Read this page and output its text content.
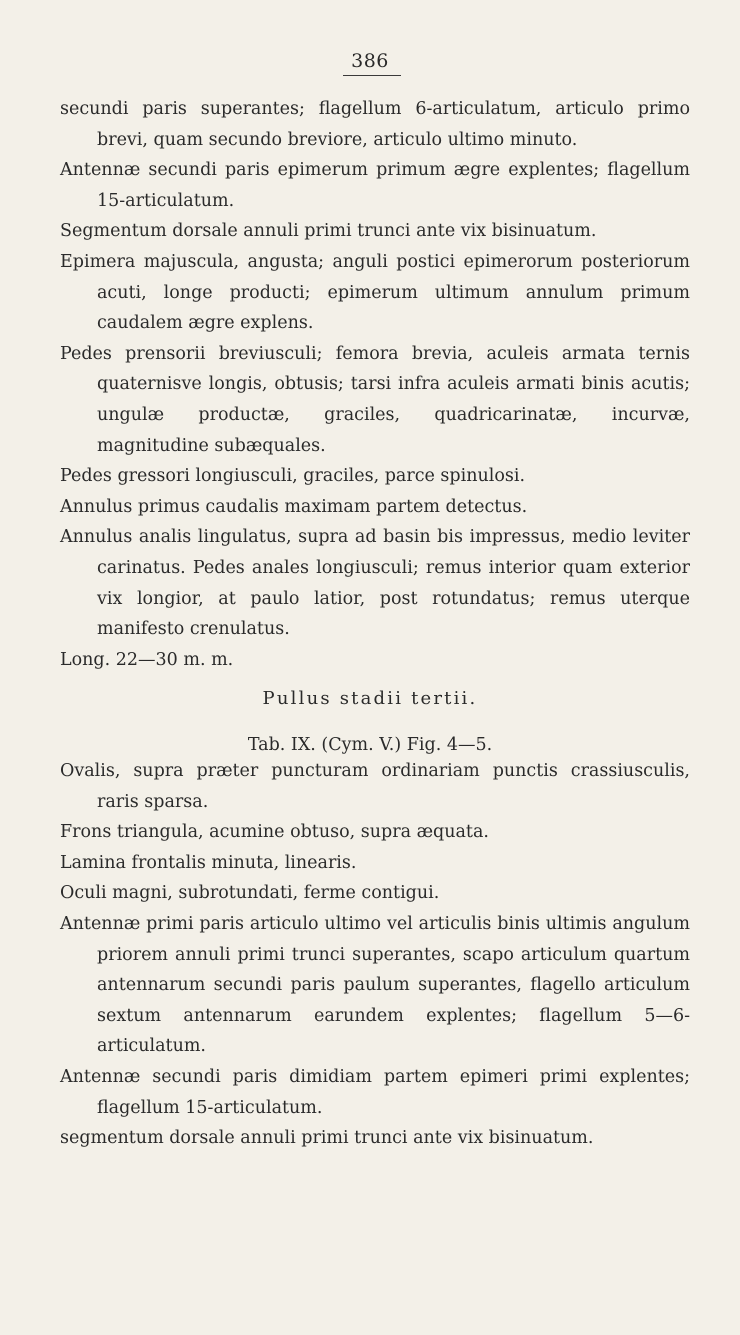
386

secundi paris superantes; flagellum 6-articulatum, articulo primo brevi, quam secundo breviore, articulo ultimo minuto.

Antennæ secundi paris epimerum primum ægre explentes; flagellum 15-articulatum.

Segmentum dorsale annuli primi trunci ante vix bisinuatum.

Epimera majuscula, angusta; anguli postici epimerorum posteriorum acuti, longe producti; epimerum ultimum annulum primum caudalem ægre explens.

Pedes prensorii breviusculi; femora brevia, aculeis armata ternis quaternisve longis, obtusis; tarsi infra aculeis armati binis acutis; ungulæ productæ, graciles, quadricarinatæ, incurvæ, magnitudine subæquales.

Pedes gressori longiusculi, graciles, parce spinulosi.

Annulus primus caudalis maximam partem detectus.

Annulus analis lingulatus, supra ad basin bis impressus, medio leviter carinatus. Pedes anales longiusculi; remus interior quam exterior vix longior, at paulo latior, post rotundatus; remus uterque manifesto crenulatus.

Long. 22—30 m. m.

Pullus stadii tertii.
Tab. IX. (Cym. V.) Fig. 4—5.

Ovalis, supra præter puncturam ordinariam punctis crassiusculis, raris sparsa.

Frons triangula, acumine obtuso, supra æquata.

Lamina frontalis minuta, linearis.

Oculi magni, subrotundati, ferme contigui.

Antennæ primi paris articulo ultimo vel articulis binis ultimis angulum priorem annuli primi trunci superantes, scapo articulum quartum antennarum secundi paris paulum superantes, flagello articulum sextum antennarum earundem explentes; flagellum 5—6-articulatum.

Antennæ secundi paris dimidiam partem epimeri primi explentes; flagellum 15-articulatum.

segmentum dorsale annuli primi trunci ante vix bisinuatum.
